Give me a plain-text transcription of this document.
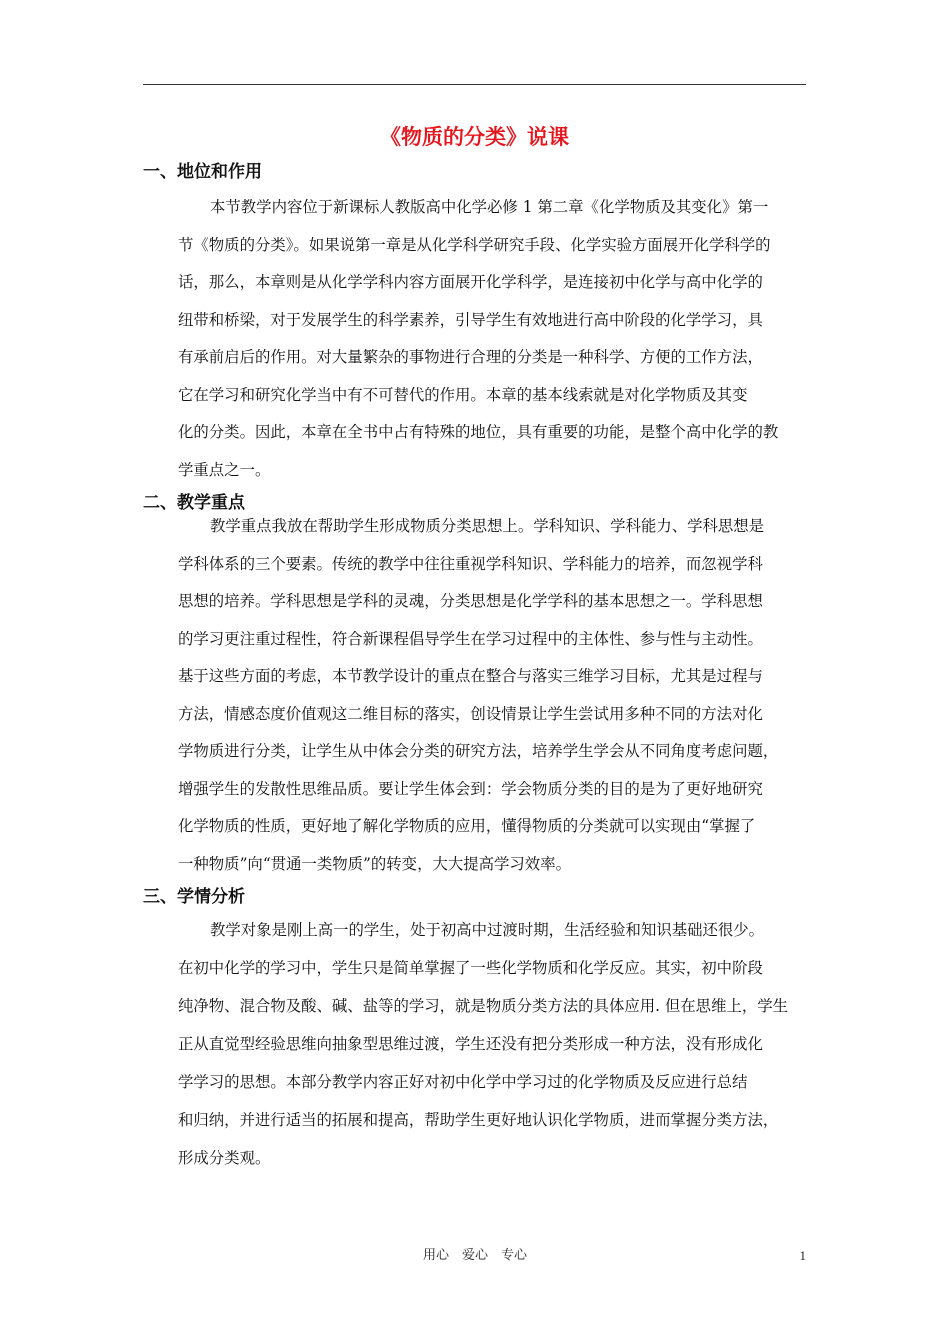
《物质的分类》说课
一、地位和作用
本节教学内容位于新课标人教版高中化学必修 1 第二章《化学物质及其变化》第一
节《物质的分类》。如果说第一章是从化学科学研究手段、化学实验方面展开化学科学的
话，那么，本章则是从化学学科内容方面展开化学科学，是连接初中化学与高中化学的
纽带和桥梁，对于发展学生的科学素养，引导学生有效地进行高中阶段的化学学习，具
有承前启后的作用。对大量繁杂的事物进行合理的分类是一种科学、方便的工作方法，
它在学习和研究化学当中有不可替代的作用。本章的基本线索就是对化学物质及其变
化的分类。因此，本章在全书中占有特殊的地位，具有重要的功能，是整个高中化学的教
学重点之一。
二、教学重点
教学重点我放在帮助学生形成物质分类思想上。学科知识、学科能力、学科思想是
学科体系的三个要素。传统的教学中往往重视学科知识、学科能力的培养，而忽视学科
思想的培养。学科思想是学科的灵魂，分类思想是化学学科的基本思想之一。学科思想
的学习更注重过程性，符合新课程倡导学生在学习过程中的主体性、参与性与主动性。
基于这些方面的考虑，本节教学设计的重点在整合与落实三维学习目标，尤其是过程与
方法，情感态度价值观这二维目标的落实，创设情景让学生尝试用多种不同的方法对化
学物质进行分类，让学生从中体会分类的研究方法，培养学生学会从不同角度考虑问题，
增强学生的发散性思维品质。要让学生体会到：学会物质分类的目的是为了更好地研究
化学物质的性质，更好地了解化学物质的应用，懂得物质的分类就可以实现由“掌握了
一种物质”向“贯通一类物质”的转变，大大提高学习效率。
三、学情分析
教学对象是刚上高一的学生，处于初高中过渡时期，生活经验和知识基础还很少。
在初中化学的学习中，学生只是简单掌握了一些化学物质和化学反应。其实，初中阶段
纯净物、混合物及酸、碱、盐等的学习，就是物质分类方法的具体应用. 但在思维上，学生
正从直觉型经验思维向抽象型思维过渡，学生还没有把分类形成一种方法，没有形成化
学学习的思想。本部分教学内容正好对初中化学中学习过的化学物质及反应进行总结
和归纳，并进行适当的拓展和提高，帮助学生更好地认识化学物质，进而掌握分类方法，
形成分类观。
用心　爱心　专心	1
